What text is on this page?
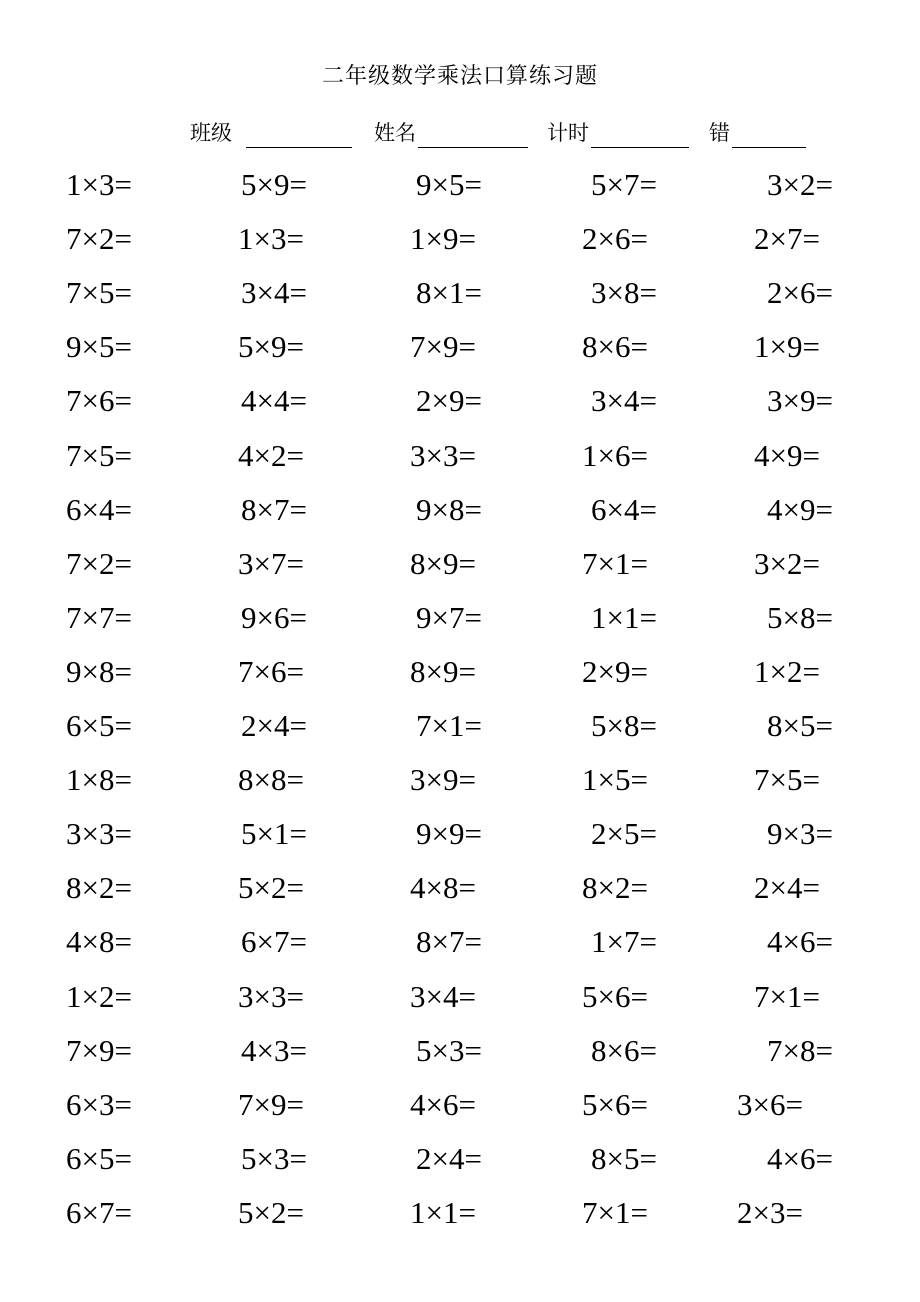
二年级数学乘法口算练习题
班级	姓名	计时	错
1×3=	5×9=	9×5=	5×7=	3×2=
7×2=	1×3=	1×9=	2×6=	2×7=
7×5=	3×4=	8×1=	3×8=	2×6=
9×5=	5×9=	7×9=	8×6=	1×9=
7×6=	4×4=	2×9=	3×4=	3×9=
7×5=	4×2=	3×3=	1×6=	4×9=
6×4=	8×7=	9×8=	6×4=	4×9=
7×2=	3×7=	8×9=	7×1=	3×2=
7×7=	9×6=	9×7=	1×1=	5×8=
9×8=	7×6=	8×9=	2×9=	1×2=
6×5=	2×4=	7×1=	5×8=	8×5=
1×8=	8×8=	3×9=	1×5=	7×5=
3×3=	5×1=	9×9=	2×5=	9×3=
8×2=	5×2=	4×8=	8×2=	2×4=
4×8=	6×7=	8×7=	1×7=	4×6=
1×2=	3×3=	3×4=	5×6=	7×1=
7×9=	4×3=	5×3=	8×6=	7×8=
6×3=	7×9=	4×6=	5×6=	3×6=
6×5=	5×3=	2×4=	8×5=	4×6=
6×7=	5×2=	1×1=	7×1=	2×3=
